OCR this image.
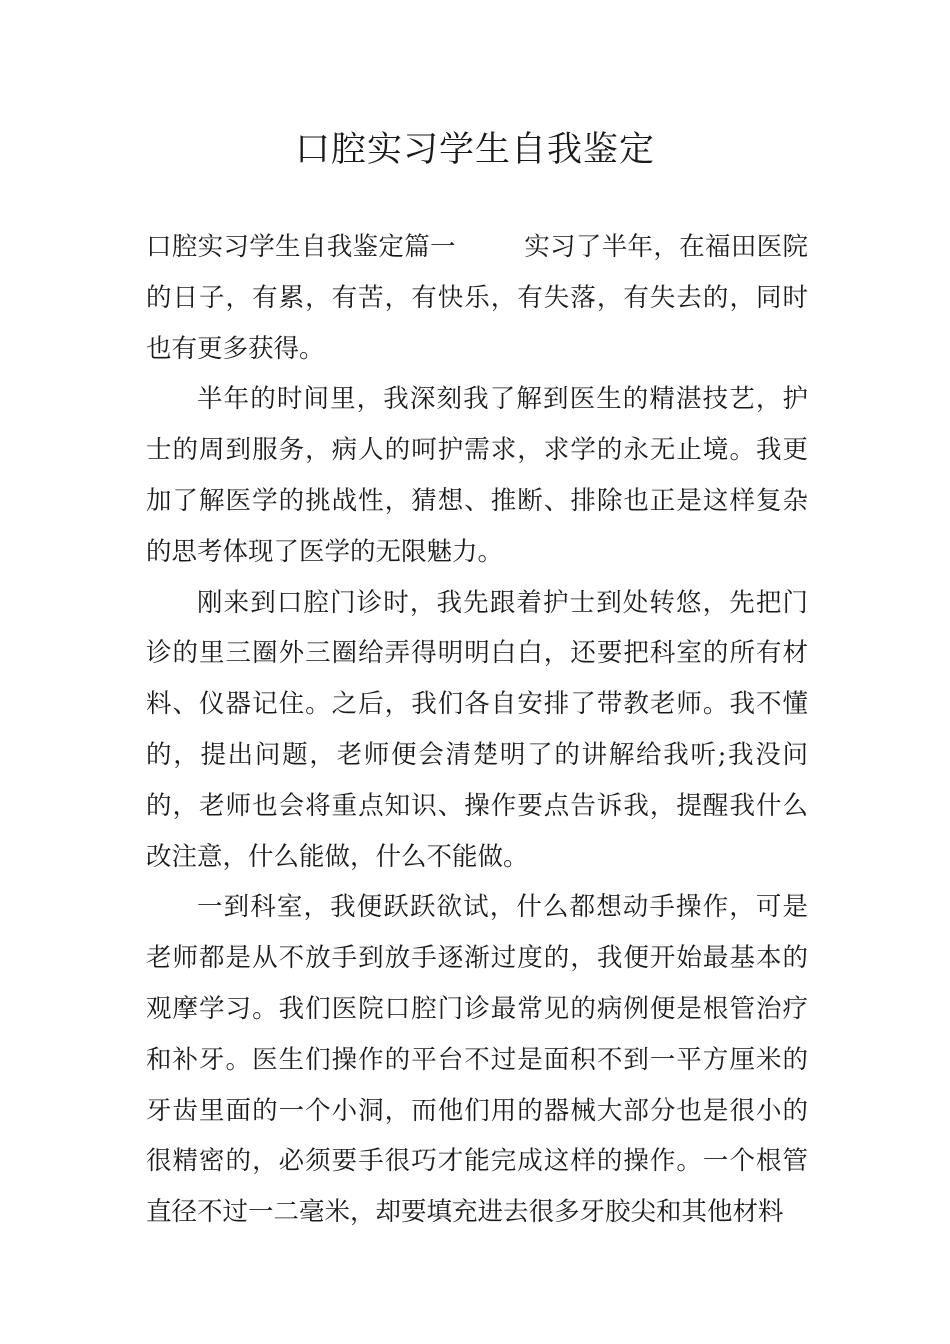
口腔实习学生自我鉴定

口腔实习学生自我鉴定篇一	实习了半年，在福田医院的日子，有累，有苦，有快乐，有失落，有失去的，同时也有更多获得。

半年的时间里，我深刻我了解到医生的精湛技艺，护士的周到服务，病人的呵护需求，求学的永无止境。我更加了解医学的挑战性，猜想、推断、排除也正是这样复杂的思考体现了医学的无限魅力。

刚来到口腔门诊时，我先跟着护士到处转悠，先把门诊的里三圈外三圈给弄得明明白白，还要把科室的所有材料、仪器记住。之后，我们各自安排了带教老师。我不懂的，提出问题，老师便会清楚明了的讲解给我听;我没问的，老师也会将重点知识、操作要点告诉我，提醒我什么改注意，什么能做，什么不能做。

一到科室，我便跃跃欲试，什么都想动手操作，可是老师都是从不放手到放手逐渐过度的，我便开始最基本的观摩学习。我们医院口腔门诊最常见的病例便是根管治疗和补牙。医生们操作的平台不过是面积不到一平方厘米的牙齿里面的一个小洞，而他们用的器械大部分也是很小的很精密的，必须要手很巧才能完成这样的操作。一个根管直径不过一二毫米，却要填充进去很多牙胶尖和其他材料
